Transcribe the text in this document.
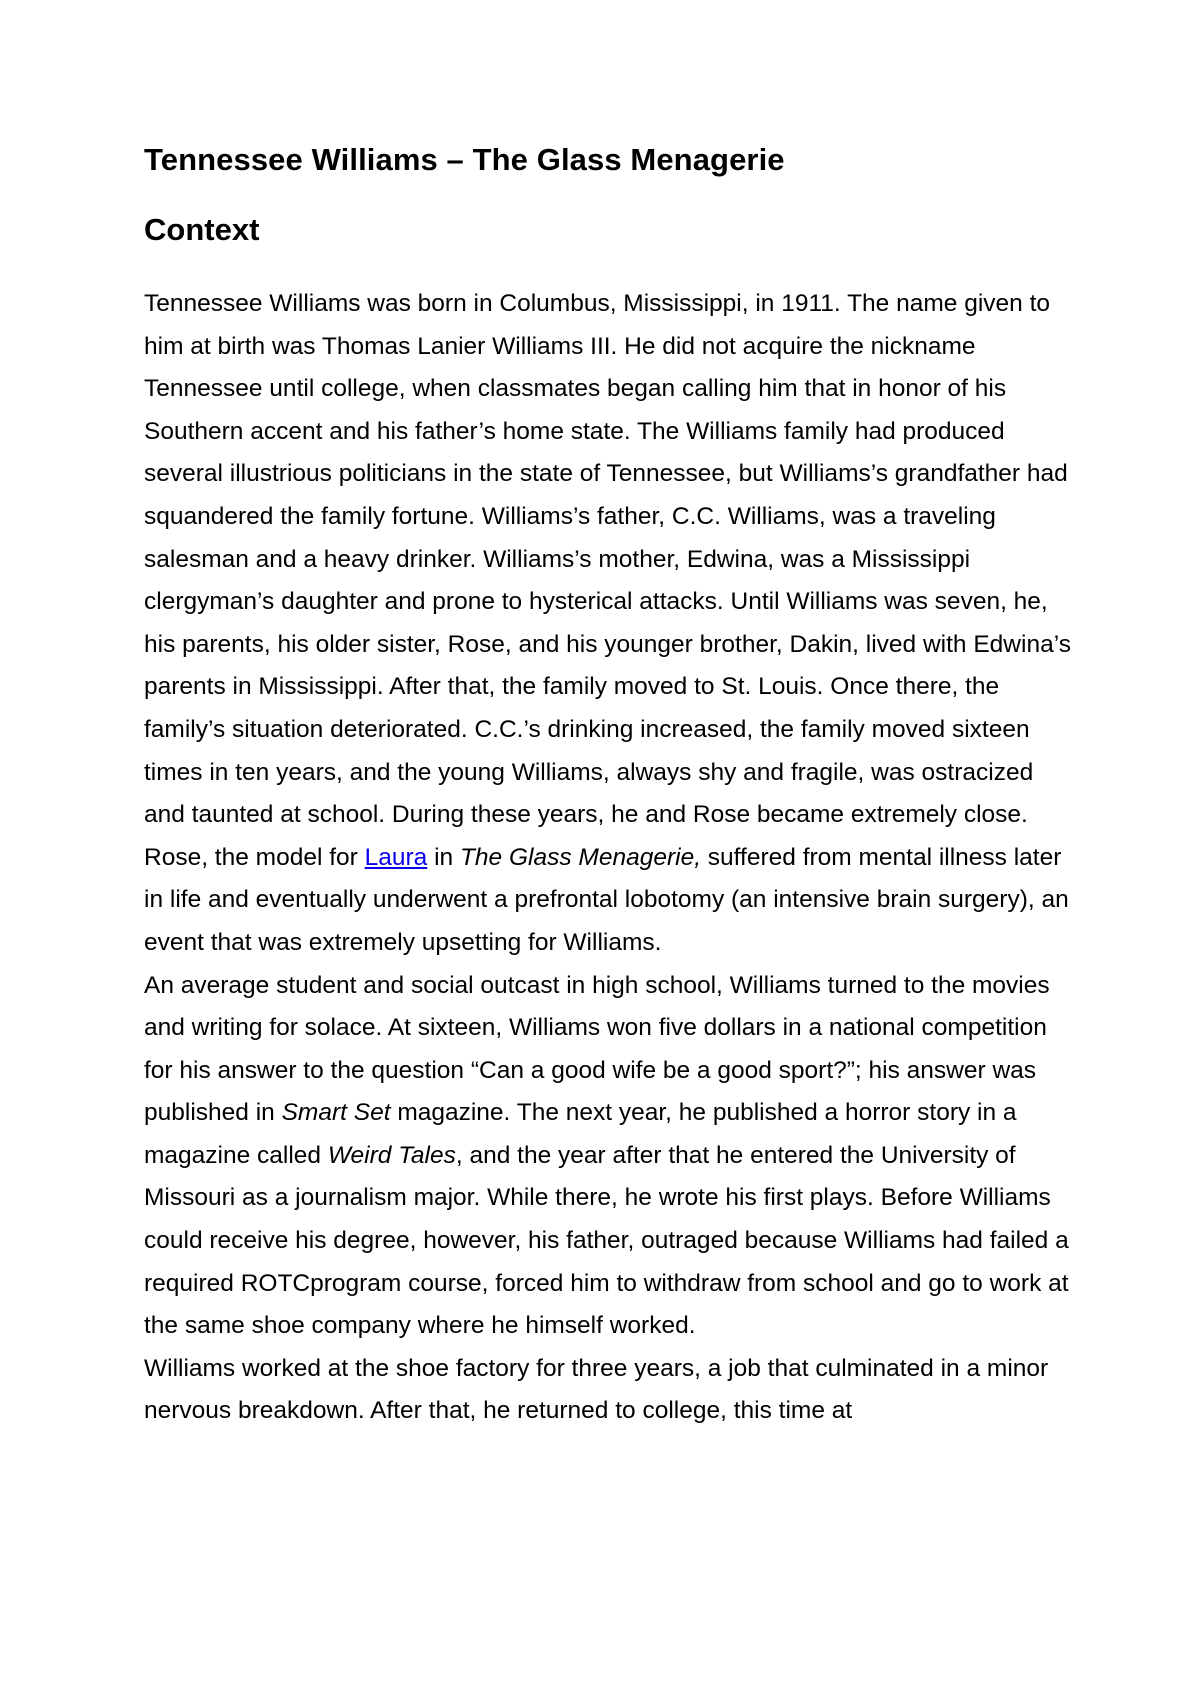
Tennessee Williams – The Glass Menagerie
Context

Tennessee Williams was born in Columbus, Mississippi, in 1911. The name given to him at birth was Thomas Lanier Williams III. He did not acquire the nickname Tennessee until college, when classmates began calling him that in honor of his Southern accent and his father’s home state. The Williams family had produced several illustrious politicians in the state of Tennessee, but Williams’s grandfather had squandered the family fortune. Williams’s father, C.C. Williams, was a traveling salesman and a heavy drinker. Williams’s mother, Edwina, was a Mississippi clergyman’s daughter and prone to hysterical attacks. Until Williams was seven, he, his parents, his older sister, Rose, and his younger brother, Dakin, lived with Edwina’s parents in Mississippi. After that, the family moved to St. Louis. Once there, the family’s situation deteriorated. C.C.’s drinking increased, the family moved sixteen times in ten years, and the young Williams, always shy and fragile, was ostracized and taunted at school. During these years, he and Rose became extremely close. Rose, the model for Laura in The Glass Menagerie, suffered from mental illness later in life and eventually underwent a prefrontal lobotomy (an intensive brain surgery), an event that was extremely upsetting for Williams.

An average student and social outcast in high school, Williams turned to the movies and writing for solace. At sixteen, Williams won five dollars in a national competition for his answer to the question “Can a good wife be a good sport?”; his answer was published in Smart Set magazine. The next year, he published a horror story in a magazine called Weird Tales, and the year after that he entered the University of Missouri as a journalism major. While there, he wrote his first plays. Before Williams could receive his degree, however, his father, outraged because Williams had failed a required ROTCprogram course, forced him to withdraw from school and go to work at the same shoe company where he himself worked.

Williams worked at the shoe factory for three years, a job that culminated in a minor nervous breakdown. After that, he returned to college, this time at
